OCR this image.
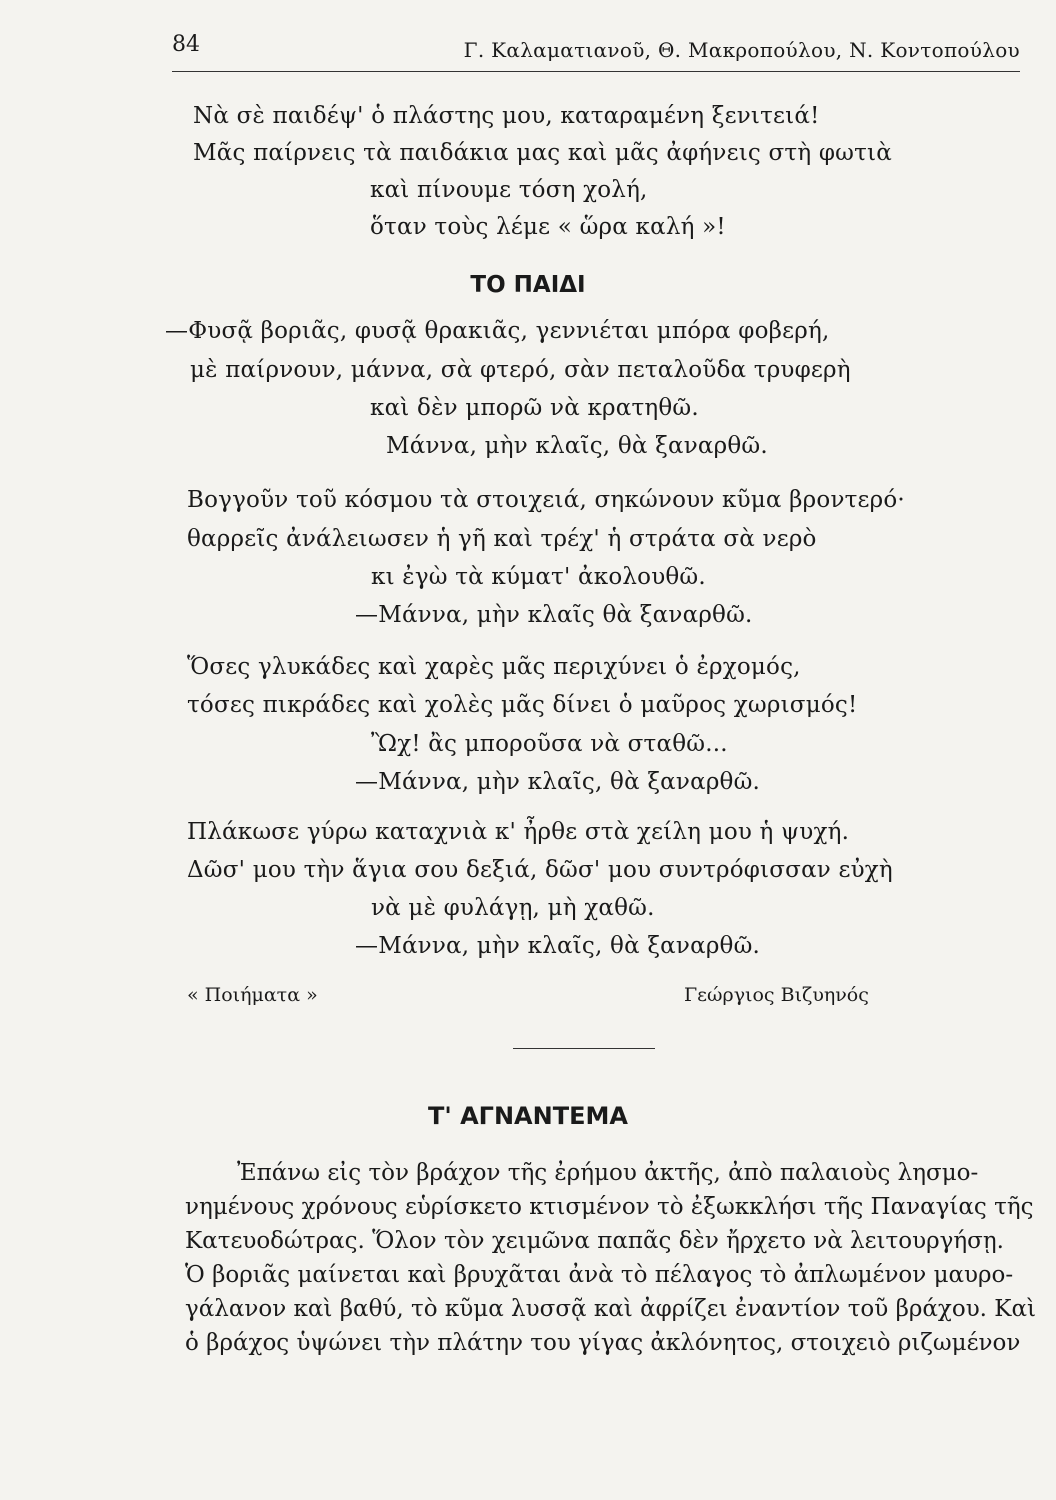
84	Γ. Καλαματιανοῦ, Θ. Μακροπούλου, Ν. Κοντοπούλου
Νὰ σὲ παιδέψ' ὁ πλάστης μου, καταραμένη ξενιτειά!
Μᾶς παίρνεις τὰ παιδάκια μας καὶ μᾶς ἀφήνεις στὴ φωτιὰ
καὶ πίνουμε τόση χολή,
ὅταν τοὺς λέμε « ὥρα καλή »!
ΤΟ ΠΑΙΔΙ
—Φυσᾷ βοριᾶς, φυσᾷ θρακιᾶς, γεννιέται μπόρα φοβερή,
μὲ παίρνουν, μάννα, σὰ φτερό, σὰν πεταλοῦδα τρυφερὴ
καὶ δὲν μπορῶ νὰ κρατηθῶ.
Μάννα, μὴν κλαῖς, θὰ ξαναρθῶ.
Βογγοῦν τοῦ κόσμου τὰ στοιχειά, σηκώνουν κῦμα βροντερό·
θαρρεῖς ἀνάλειωσεν ἡ γῆ καὶ τρέχ' ἡ στράτα σὰ νερὸ
κι ἐγὼ τὰ κύματ' ἀκολουθῶ.
—Μάννα, μὴν κλαῖς θὰ ξαναρθῶ.
Ὅσες γλυκάδες καὶ χαρὲς μᾶς περιχύνει ὁ ἐρχομός,
τόσες πικράδες καὶ χολὲς μᾶς δίνει ὁ μαῦρος χωρισμός!
Ὢχ! ἂς μποροῦσα νὰ σταθῶ...
—Μάννα, μὴν κλαῖς, θὰ ξαναρθῶ.
Πλάκωσε γύρω καταχνιὰ κ' ἦρθε στὰ χείλη μου ἡ ψυχή.
Δῶσ' μου τὴν ἅγια σου δεξιά, δῶσ' μου συντρόφισσαν εὐχὴ
νὰ μὲ φυλάγῃ, μὴ χαθῶ.
—Μάννα, μὴν κλαῖς, θὰ ξαναρθῶ.
« Ποιήματα »	Γεώργιος Βιζυηνός
Τ' ΑΓΝΑΝΤΕΜΑ
Ἐπάνω εἰς τὸν βράχον τῆς ἐρήμου ἀκτῆς, ἀπὸ παλαιοὺς λησμο-
νημένους χρόνους εὑρίσκετο κτισμένον τὸ ἐξωκκλήσι τῆς Παναγίας τῆς
Κατευοδώτρας. Ὅλον τὸν χειμῶνα παπᾶς δὲν ἤρχετο νὰ λειτουργήσῃ.
Ὁ βοριᾶς μαίνεται καὶ βρυχᾶται ἀνὰ τὸ πέλαγος τὸ ἀπλωμένον μαυρο-
γάλανον καὶ βαθύ, τὸ κῦμα λυσσᾷ καὶ ἀφρίζει ἐναντίον τοῦ βράχου. Καὶ
ὁ βράχος ὑψώνει τὴν πλάτην του γίγας ἀκλόνητος, στοιχειὸ ριζωμένον
